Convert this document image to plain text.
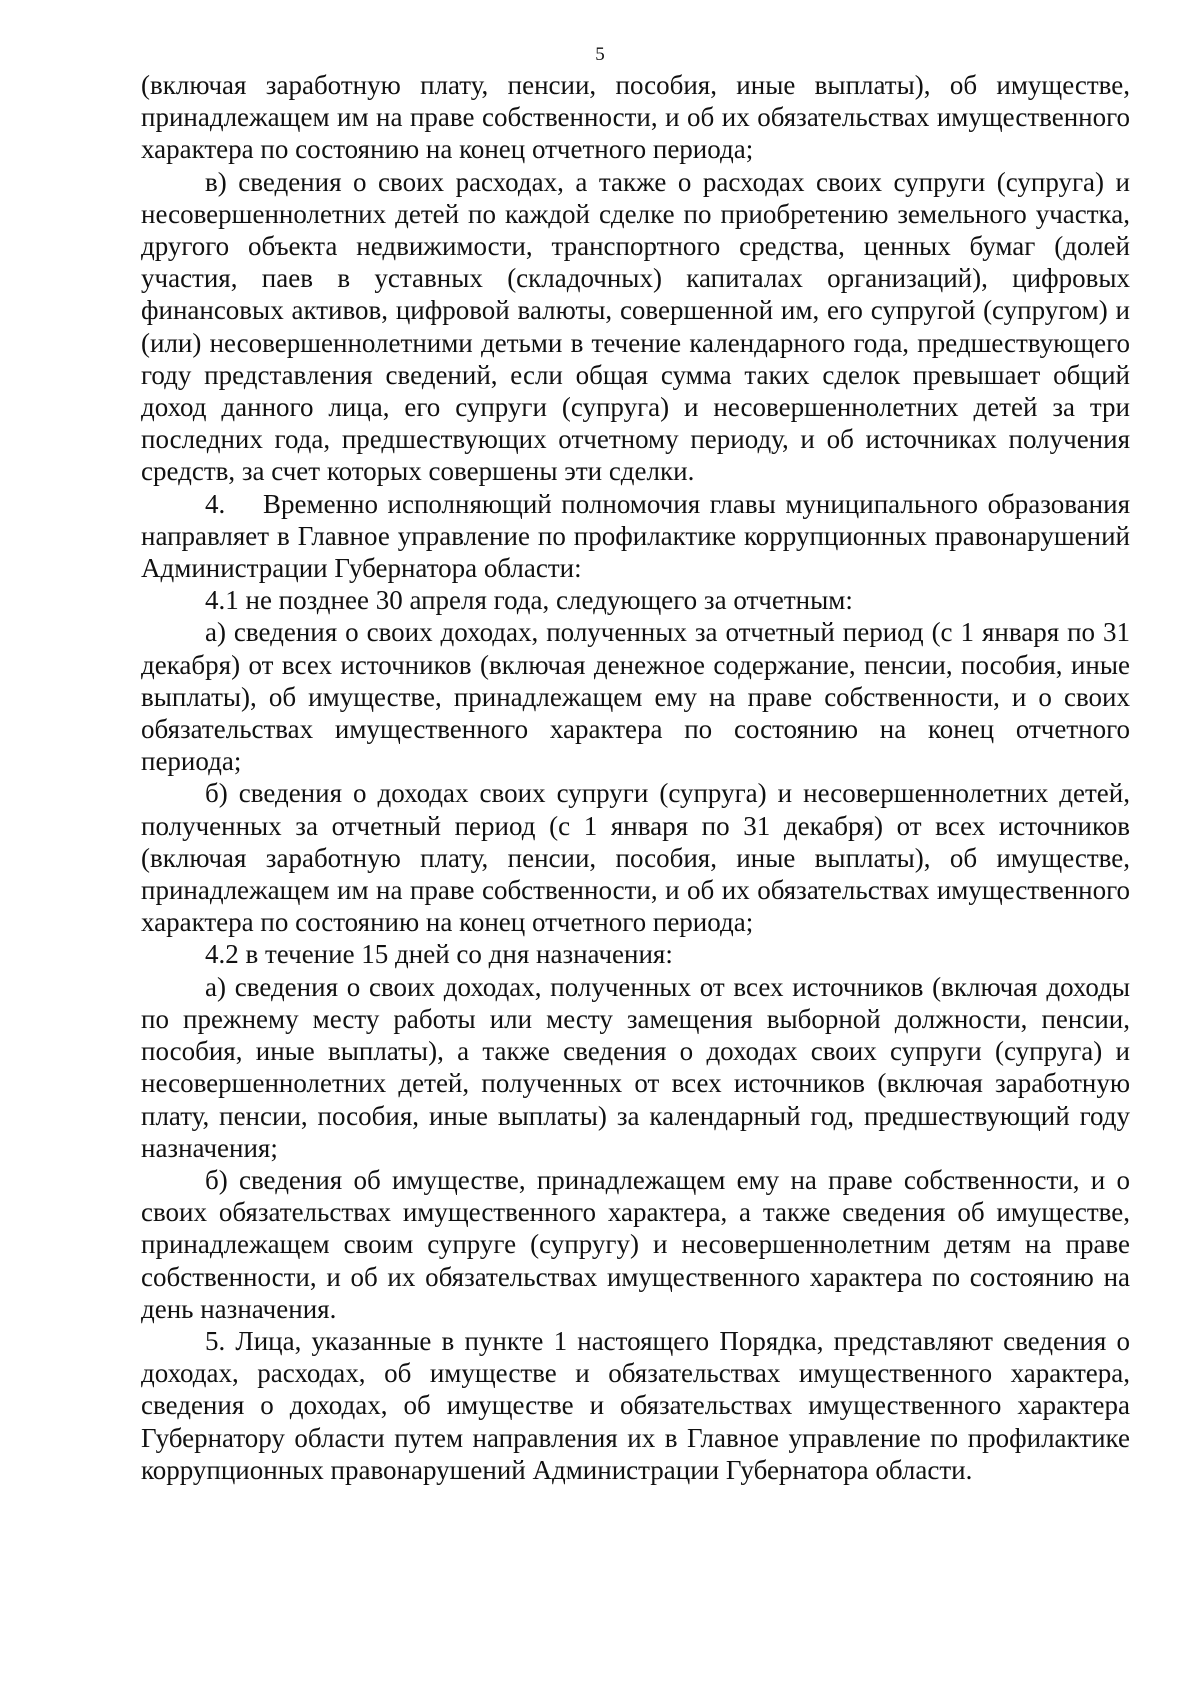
5

(включая заработную плату, пенсии, пособия, иные выплаты), об имуществе, принадлежащем им на праве собственности, и об их обязательствах имущественного характера по состоянию на конец отчетного периода;

в) сведения о своих расходах, а также о расходах своих супруги (супруга) и несовершеннолетних детей по каждой сделке по приобретению земельного участка, другого объекта недвижимости, транспортного средства, ценных бумаг (долей участия, паев в уставных (складочных) капиталах организаций), цифровых финансовых активов, цифровой валюты, совершенной им, его супругой (супругом) и (или) несовершеннолетними детьми в течение календарного года, предшествующего году представления сведений, если общая сумма таких сделок превышает общий доход данного лица, его супруги (супруга) и несовершеннолетних детей за три последних года, предшествующих отчетному периоду, и об источниках получения средств, за счет которых совершены эти сделки.

4. Временно исполняющий полномочия главы муниципального образования направляет в Главное управление по профилактике коррупционных правонарушений Администрации Губернатора области:

4.1 не позднее 30 апреля года, следующего за отчетным:

а) сведения о своих доходах, полученных за отчетный период (с 1 января по 31 декабря) от всех источников (включая денежное содержание, пенсии, пособия, иные выплаты), об имуществе, принадлежащем ему на праве собственности, и о своих обязательствах имущественного характера по состоянию на конец отчетного периода;

б) сведения о доходах своих супруги (супруга) и несовершеннолетних детей, полученных за отчетный период (с 1 января по 31 декабря) от всех источников (включая заработную плату, пенсии, пособия, иные выплаты), об имуществе, принадлежащем им на праве собственности, и об их обязательствах имущественного характера по состоянию на конец отчетного периода;

4.2 в течение 15 дней со дня назначения:

а) сведения о своих доходах, полученных от всех источников (включая доходы по прежнему месту работы или месту замещения выборной должности, пенсии, пособия, иные выплаты), а также сведения о доходах своих супруги (супруга) и несовершеннолетних детей, полученных от всех источников (включая заработную плату, пенсии, пособия, иные выплаты) за календарный год, предшествующий году назначения;

б) сведения об имуществе, принадлежащем ему на праве собственности, и о своих обязательствах имущественного характера, а также сведения об имуществе, принадлежащем своим супруге (супругу) и несовершеннолетним детям на праве собственности, и об их обязательствах имущественного характера по состоянию на день назначения.

5. Лица, указанные в пункте 1 настоящего Порядка, представляют сведения о доходах, расходах, об имуществе и обязательствах имущественного характера, сведения о доходах, об имуществе и обязательствах имущественного характера Губернатору области путем направления их в Главное управление по профилактике коррупционных правонарушений Администрации Губернатора области.
